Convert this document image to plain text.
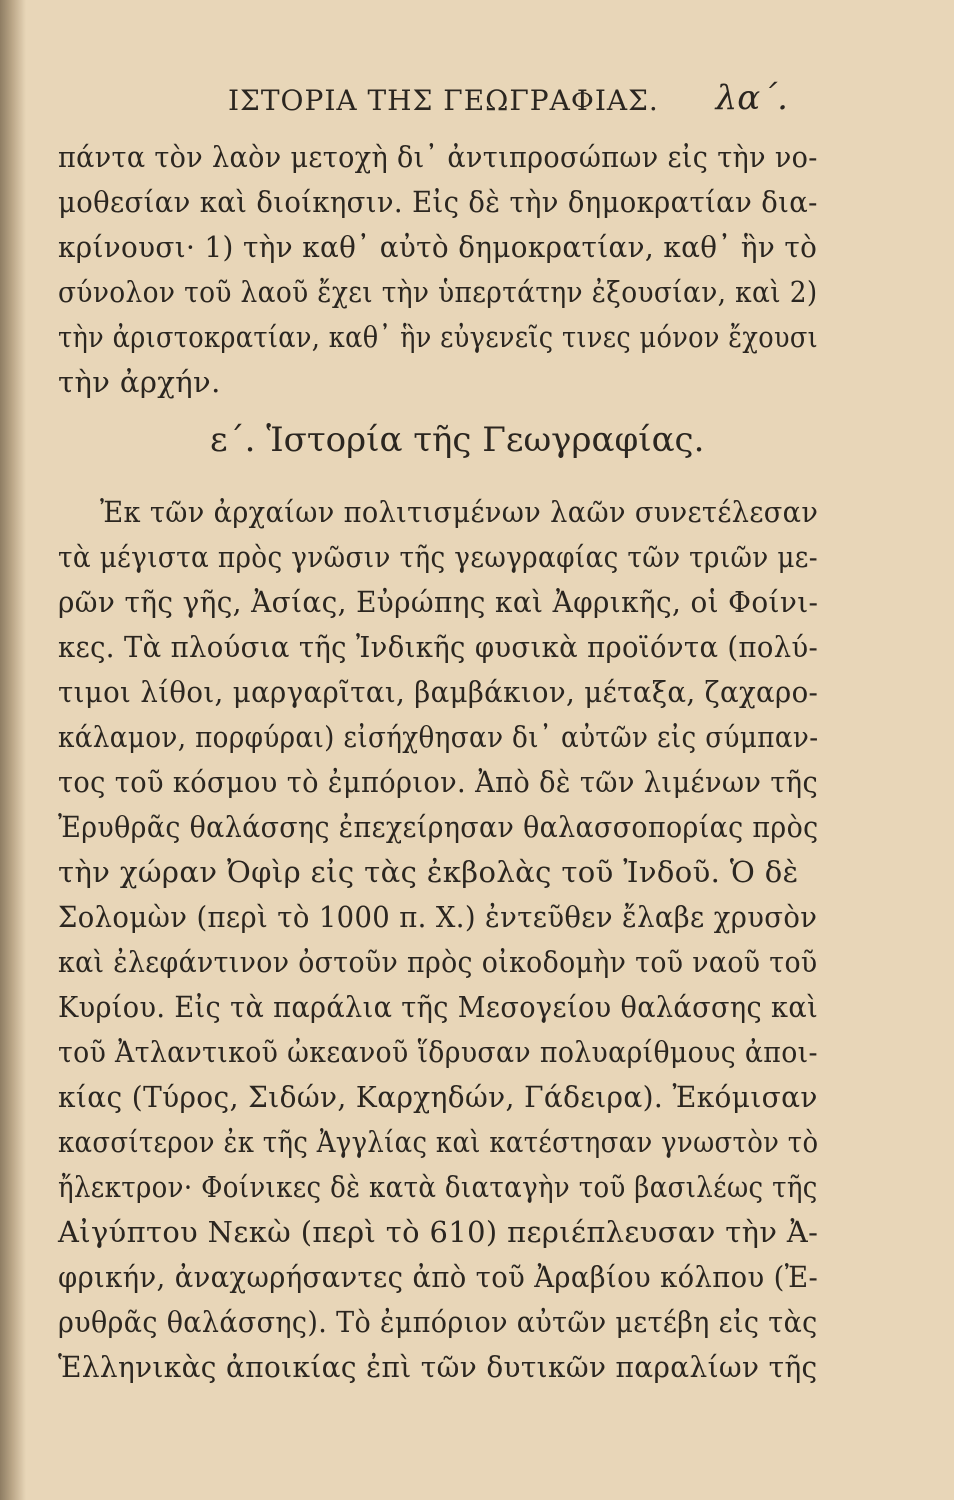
ΙΣΤΟΡΙΑ ΤΗΣ ΓΕΩΓΡΑΦΙΑΣ. λα΄.
πάντα τὸν λαὸν μετοχὴ δι᾽ ἀντιπροσώπων εἰς τὴν νο-
μοθεσίαν καὶ διοίκησιν. Εἰς δὲ τὴν δημοκρατίαν δια-
κρίνουσι· 1) τὴν καθ᾽ αὐτὸ δημοκρατίαν, καθ᾽ ἣν τὸ
σύνολον τοῦ λαοῦ ἔχει τὴν ὑπερτάτην ἐξουσίαν, καὶ 2)
τὴν ἀριστοκρατίαν, καθ᾽ ἣν εὐγενεῖς τινες μόνον ἔχουσι
τὴν ἀρχήν.
ε΄. Ἱστορία τῆς Γεωγραφίας.
Ἐκ τῶν ἀρχαίων πολιτισμένων λαῶν συνετέλεσαν
τὰ μέγιστα πρὸς γνῶσιν τῆς γεωγραφίας τῶν τριῶν με-
ρῶν τῆς γῆς, Ἀσίας, Εὐρώπης καὶ Ἀφρικῆς, οἱ Φοίνι-
κες. Τὰ πλούσια τῆς Ἰνδικῆς φυσικὰ προϊόντα (πολύ-
τιμοι λίθοι, μαργαρῖται, βαμβάκιον, μέταξα, ζαχαρο-
κάλαμον, πορφύραι) εἰσήχθησαν δι᾽ αὐτῶν εἰς σύμπαν-
τος τοῦ κόσμου τὸ ἐμπόριον. Ἀπὸ δὲ τῶν λιμένων τῆς
Ἐρυθρᾶς θαλάσσης ἐπεχείρησαν θαλασσοπορίας πρὸς
τὴν χώραν Ὀφὶρ εἰς τὰς ἐκβολὰς τοῦ Ἰνδοῦ. Ὁ δὲ
Σολομὼν (περὶ τὸ 1000 π. Χ.) ἐντεῦθεν ἔλαβε χρυσὸν
καὶ ἐλεφάντινον ὀστοῦν πρὸς οἰκοδομὴν τοῦ ναοῦ τοῦ
Κυρίου. Εἰς τὰ παράλια τῆς Μεσογείου θαλάσσης καὶ
τοῦ Ἀτλαντικοῦ ὠκεανοῦ ἵδρυσαν πολυαρίθμους ἀποι-
κίας (Τύρος, Σιδών, Καρχηδών, Γάδειρα). Ἐκόμισαν
κασσίτερον ἐκ τῆς Ἀγγλίας καὶ κατέστησαν γνωστὸν τὸ
ἤλεκτρον· Φοίνικες δὲ κατὰ διαταγὴν τοῦ βασιλέως τῆς
Αἰγύπτου Νεκὼ (περὶ τὸ 610) περιέπλευσαν τὴν Ἀ-
φρικήν, ἀναχωρήσαντες ἀπὸ τοῦ Ἀραβίου κόλπου (Ἐ-
ρυθρᾶς θαλάσσης). Τὸ ἐμπόριον αὐτῶν μετέβη εἰς τὰς
Ἑλληνικὰς ἀποικίας ἐπὶ τῶν δυτικῶν παραλίων τῆς
